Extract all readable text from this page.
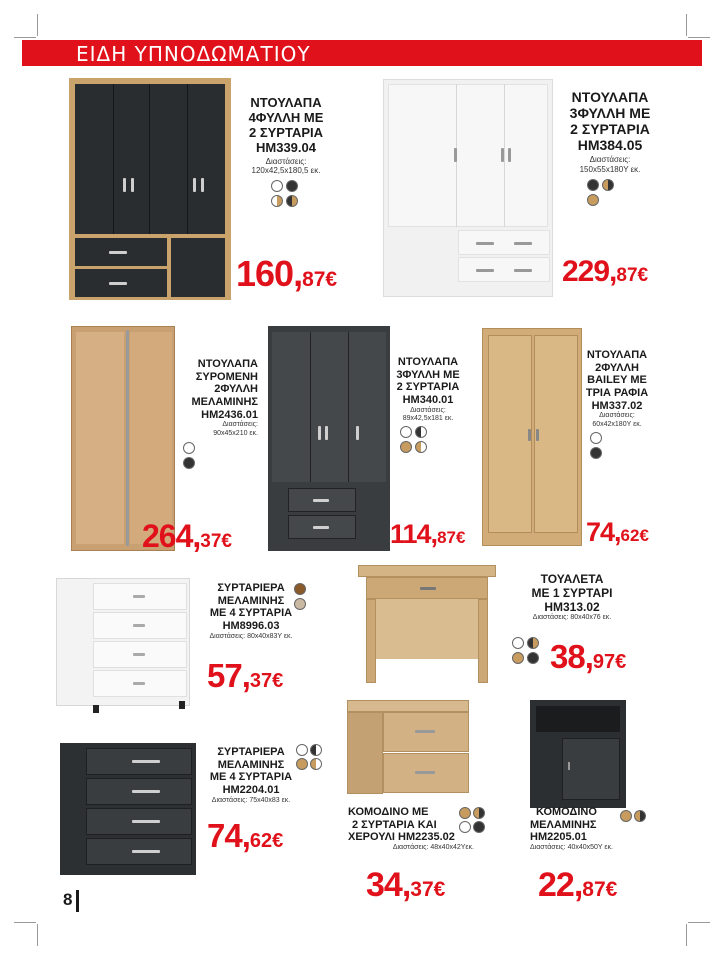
ΕΙΔΗ ΥΠΝΟΔΩΜΑΤΙΟΥ
ΝΤΟΥΛΑΠΑ
4ΦΥΛΛΗ ΜΕ
2 ΣΥΡΤΑΡΙΑ
ΗΜ339.04
Διαστάσεις:
120x42,5x180,5 εκ.
160,87€
ΝΤΟΥΛΑΠΑ
3ΦΥΛΛΗ ΜΕ
2 ΣΥΡΤΑΡΙΑ
ΗΜ384.05
Διαστάσεις:
150x55x180Υ εκ.
229,87€
ΝΤΟΥΛΑΠΑ
ΣΥΡΟΜΕΝΗ
2ΦΥΛΛΗ
ΜΕΛΑΜΙΝΗΣ
ΗΜ2436.01
Διαστάσεις:
90x45x210 εκ.
264,37€
ΝΤΟΥΛΑΠΑ
3ΦΥΛΛΗ ΜΕ
2 ΣΥΡΤΑΡΙΑ
ΗΜ340.01
Διαστάσεις:
89x42,5x181 εκ.
114,87€
ΝΤΟΥΛΑΠΑ
2ΦΥΛΛΗ
BAILEY ΜΕ
ΤΡΙΑ ΡΑΦΙΑ
ΗΜ337.02
Διαστάσεις:
60x42x180Υ εκ.
74,62€
ΣΥΡΤΑΡΙΕΡΑ
ΜΕΛΑΜΙΝΗΣ
ΜΕ 4 ΣΥΡΤΑΡΙΑ
ΗΜ8996.03
Διαστάσεις: 80x40x83Υ εκ.
57,37€
ΤΟΥΑΛΕΤΑ
ΜΕ 1 ΣΥΡΤΑΡΙ
ΗΜ313.02
Διαστάσεις: 80x40x76 εκ.
38,97€
ΣΥΡΤΑΡΙΕΡΑ
ΜΕΛΑΜΙΝΗΣ
ΜΕ 4 ΣΥΡΤΑΡΙΑ
ΗΜ2204.01
Διαστάσεις: 75x40x83 εκ.
74,62€
ΚΟΜΟΔΙΝΟ ΜΕ
2 ΣΥΡΤΑΡΙΑ ΚΑΙ
ΧΕΡΟΥΛΙ ΗΜ2235.02
Διαστάσεις: 48x40x42Υεκ.
34,37€
ΚΟΜΟΔΙΝΟ
ΜΕΛΑΜΙΝΗΣ
ΗΜ2205.01
Διαστάσεις: 40x40x50Υ εκ.
22,87€
8
